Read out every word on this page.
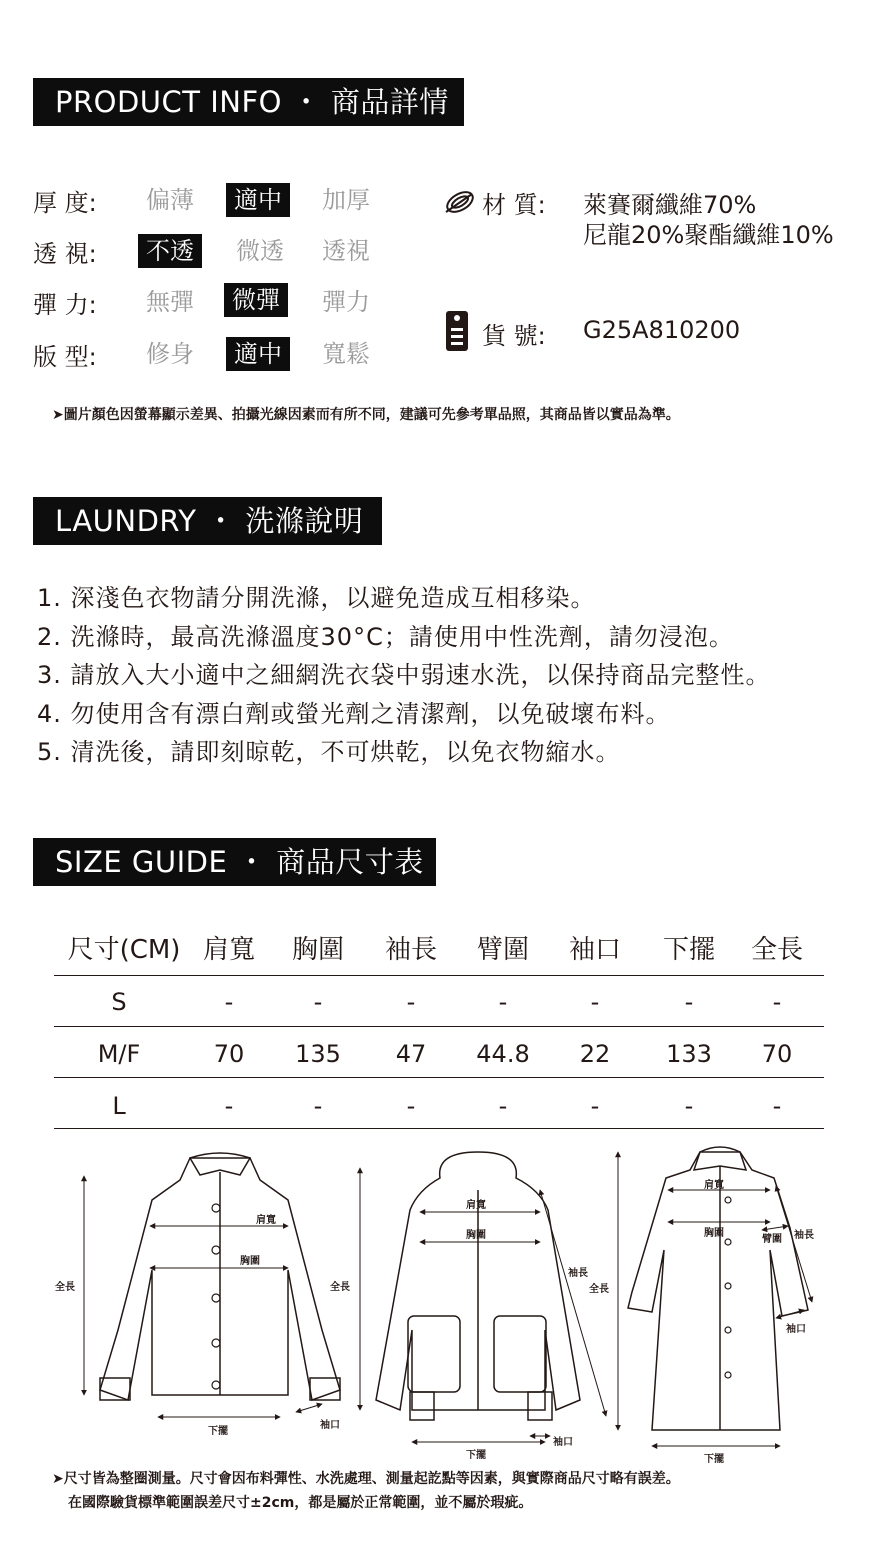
PRODUCT INFO ・ 商品詳情
厚 度:	偏薄	適中	加厚
透 視:	不透	微透 透視
彈 力:	無彈	微彈	彈力
版 型:	修身	適中	寬鬆
材 質: 萊賽爾纖維70%
尼龍20%聚酯纖維10%
貨 號: G25A810200
➤圖片顏色因螢幕顯示差異、拍攝光線因素而有所不同，建議可先參考單品照，其商品皆以實品為準。
LAUNDRY ・ 洗滌說明
1. 深淺色衣物請分開洗滌，以避免造成互相移染。
2. 洗滌時，最高洗滌溫度30°C；請使用中性洗劑，請勿浸泡。
3. 請放入大小適中之細網洗衣袋中弱速水洗，以保持商品完整性。
4. 勿使用含有漂白劑或螢光劑之清潔劑，以免破壞布料。
5. 清洗後，請即刻晾乾，不可烘乾，以免衣物縮水。
SIZE GUIDE ・ 商品尺寸表
尺寸(CM) 肩寬	胸圍	袖長	臂圍	袖口	下擺	全長
S	-	-	-	-	-	-	-
M/F	70	135	47	44.8	22	133	70
L	-	-	-	-	-	-	-
肩寬
胸圍
全長
下擺
袖口
肩寬
胸圍
全長
袖長
下擺
袖口
肩寬
胸圍
臂圍 袖長
全長
袖口
下擺
➤尺寸皆為整圈測量。尺寸會因布料彈性、水洗處理、測量起訖點等因素，與實際商品尺寸略有誤差。
在國際驗貨標準範圍誤差尺寸±2cm，都是屬於正常範圍，並不屬於瑕疵。
